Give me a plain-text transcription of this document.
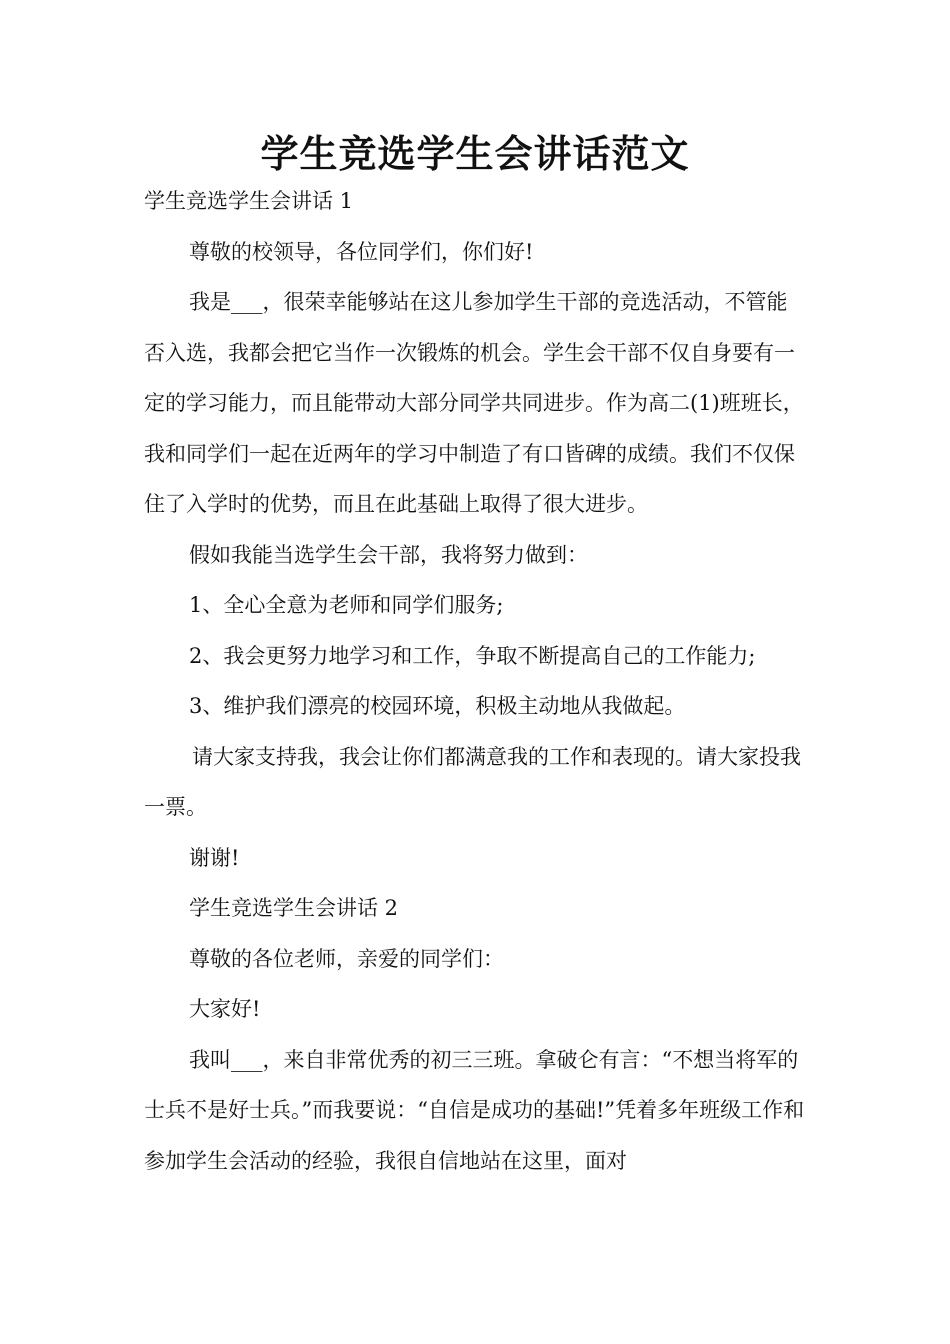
学生竞选学生会讲话范文

学生竞选学生会讲话 1

尊敬的校领导，各位同学们，你们好!

我是___，很荣幸能够站在这儿参加学生干部的竞选活动，不管能否入选，我都会把它当作一次锻炼的机会。学生会干部不仅自身要有一定的学习能力，而且能带动大部分同学共同进步。作为高二(1)班班长，我和同学们一起在近两年的学习中制造了有口皆碑的成绩。我们不仅保住了入学时的优势，而且在此基础上取得了很大进步。

假如我能当选学生会干部，我将努力做到：

1、全心全意为老师和同学们服务;

2、我会更努力地学习和工作，争取不断提高自己的工作能力;

3、维护我们漂亮的校园环境，积极主动地从我做起。

请大家支持我，我会让你们都满意我的工作和表现的。请大家投我一票。

谢谢!

学生竞选学生会讲话 2

尊敬的各位老师，亲爱的同学们：

大家好!

我叫___，来自非常优秀的初三三班。拿破仑有言：“不想当将军的士兵不是好士兵。”而我要说：“自信是成功的基础!”凭着多年班级工作和参加学生会活动的经验，我很自信地站在这里，面对
